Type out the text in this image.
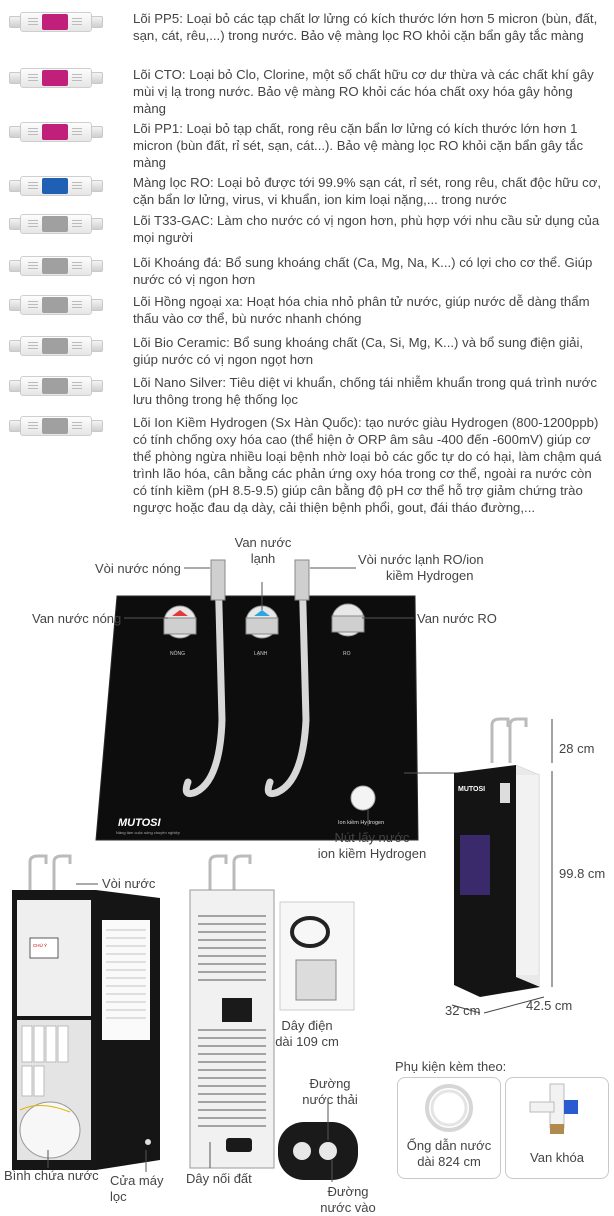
Lõi PP5: Loại bỏ các tạp chất lơ lửng có kích thước lớn hơn 5 micron (bùn, đất, sạn, cát, rêu,...) trong nước. Bảo vệ màng lọc RO khỏi cặn bẩn gây tắc màng
Lõi CTO: Loại bỏ Clo, Clorine, một số chất hữu cơ dư thừa và các chất khí gây mùi vị lạ trong nước. Bảo vệ màng RO khỏi các hóa chất oxy hóa gây hỏng màng
Lõi PP1: Loại bỏ tạp chất, rong rêu cặn bẩn lơ lửng có kích thước lớn hơn 1 micron (bùn đất, rỉ sét, sạn, cát...). Bảo vệ màng lọc RO khỏi cặn bẩn gây tắc màng
Màng lọc RO: Loại bỏ được tới 99.9% sạn cát, rỉ sét, rong rêu, chất độc hữu cơ, cặn bẩn lơ lửng, virus, vi khuẩn, ion kim loại nặng,... trong nước
Lõi T33-GAC: Làm cho nước có vị ngon hơn, phù hợp với nhu cầu sử dụng của mọi người
Lõi Khoáng đá: Bổ sung khoáng chất (Ca, Mg, Na, K...) có lợi cho cơ thể. Giúp nước có vị ngon hơn
Lõi Hồng ngoại xa: Hoạt hóa chia nhỏ phân tử nước, giúp nước dễ dàng thẩm thấu vào cơ thể, bù nước nhanh chóng
Lõi Bio Ceramic: Bổ sung khoáng chất (Ca, Si, Mg, K...) và bổ sung điện giải, giúp nước có vị ngon ngọt hơn
Lõi Nano Silver: Tiêu diệt vi khuẩn, chống tái nhiễm khuẩn trong quá trình nước lưu thông trong hệ thống lọc
Lõi Ion Kiềm Hydrogen (Sx Hàn Quốc): tạo nước giàu Hydrogen (800-1200ppb) có tính chống oxy hóa cao (thể hiện ở ORP âm sâu -400 đến -600mV) giúp cơ thể phòng ngừa nhiều loại bệnh nhờ loại bỏ các gốc tự do có hại, làm chậm quá trình lão hóa, cân bằng các phản ứng oxy hóa trong cơ thể, ngoài ra nước còn có tính kiềm (pH 8.5-9.5) giúp cân bằng độ pH cơ thể hỗ trợ giảm chứng trào ngược hoặc đau dạ dày, cải thiện bệnh phổi, gout, đái tháo đường,...
NÓNG	LẠNH	RO
Ion kiềm Hydrogen
MUTOSI
Nâng tầm cuộc sống chuyên nghiệp
Vòi nước nóng
Van nước
lạnh	Vòi nước lạnh RO/ion
kiềm Hydrogen
Van nước nóng	Van nước RO
Nút lấy nước
ion kiềm Hydrogen
MUTOSI
28 cm
99.8 cm
32 cm	42.5 cm
CHÚ Ý
Vòi nước
Bình chứa nước Cửa máy lọc
Dây điện
dài 109 cm
Đường
nước thải
Dây nối đất
Đường
nước vào
Phụ kiện kèm theo:
Ống dẫn nước
dài 824 cm	Van khóa
